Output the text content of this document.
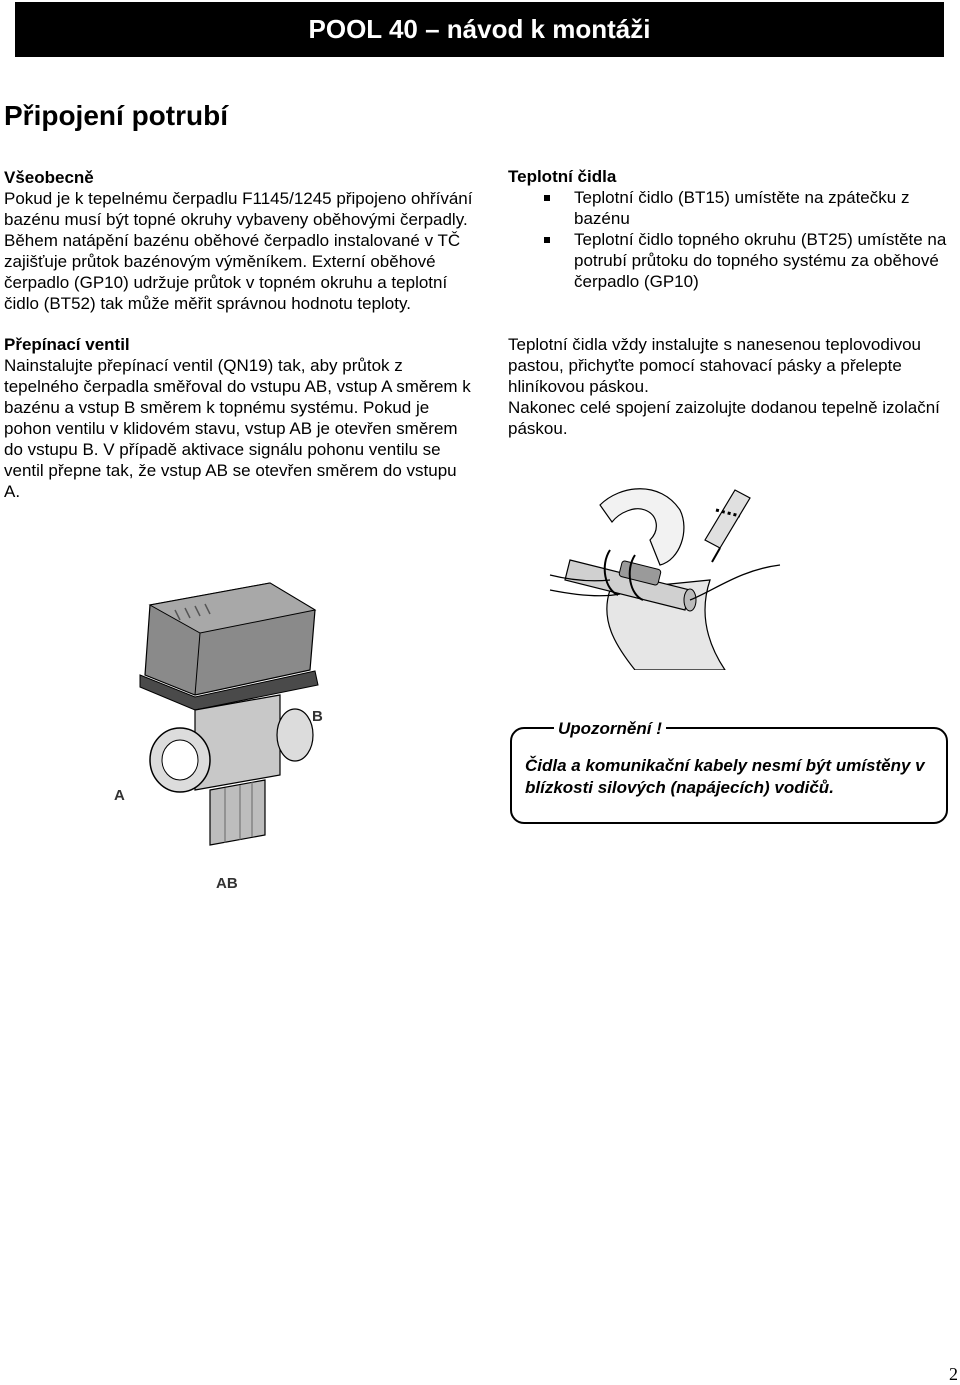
POOL 40 – návod k montáži
Připojení potrubí

Všeobecně

Pokud je k tepelnému čerpadlu F1145/1245 připojeno ohřívání bazénu musí být topné okruhy vybaveny oběhovými čerpadly. Během natápění bazénu oběhové čerpadlo instalované v TČ zajišťuje průtok bazénovým výměníkem. Externí oběhové čerpadlo (GP10) udržuje průtok v topném okruhu a teplotní čidlo (BT52) tak může měřit správnou hodnotu teploty.

Přepínací ventil

Nainstalujte přepínací ventil (QN19) tak, aby průtok z tepelného čerpadla směřoval do vstupu AB, vstup A směrem k bazénu a vstup B směrem k topnému systému. Pokud je pohon ventilu v klidovém stavu, vstup AB je otevřen směrem do vstupu B. V případě aktivace signálu pohonu ventilu se ventil přepne tak, že vstup AB se otevřen směrem do vstupu A.

Teplotní čidla

Teplotní čidlo (BT15) umístěte na zpátečku z bazénu
Teplotní čidlo topného okruhu (BT25) umístěte na potrubí průtoku do topného systému za oběhové čerpadlo (GP10)

Teplotní čidla vždy instalujte s nanesenou teplovodivou pastou, přichyťte pomocí stahovací pásky a přelepte hliníkovou páskou.

Nakonec celé spojení zaizolujte dodanou tepelně izolační páskou.

A
B
AB
Upozornění !
Čidla a komunikační kabely nesmí být umístěny v blízkosti silových (napájecích) vodičů.
2
